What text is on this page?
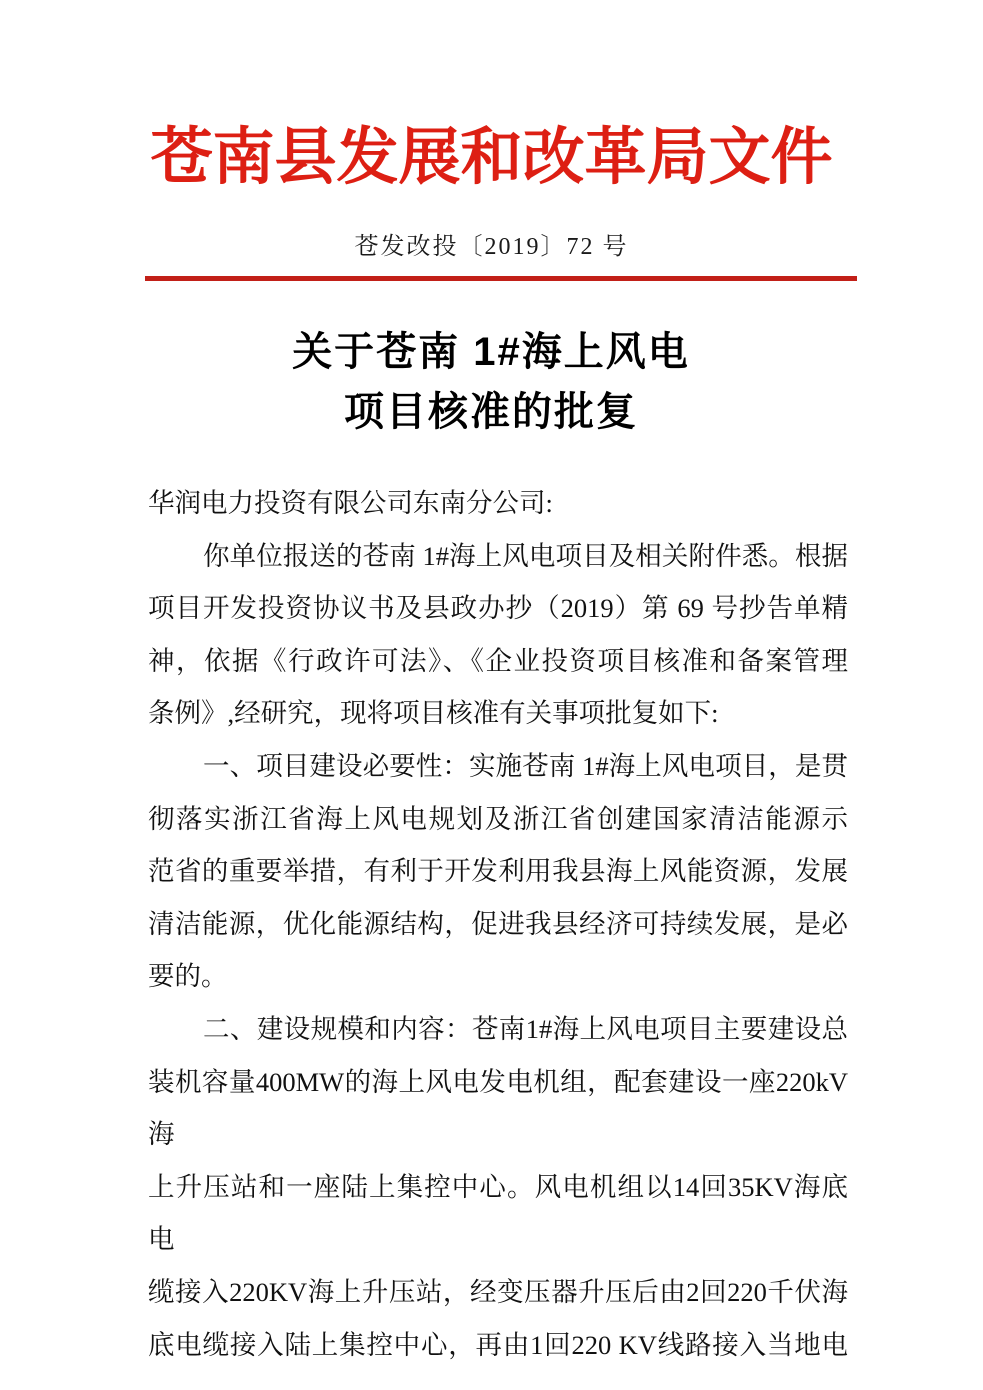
苍南县发展和改革局文件
苍发改投〔2019〕72 号
关于苍南 1#海上风电
项目核准的批复
华润电力投资有限公司东南分公司:
你单位报送的苍南 1#海上风电项目及相关附件悉。根据
项目开发投资协议书及县政办抄（2019）第 69 号抄告单精
神，依据《行政许可法》、《企业投资项目核准和备案管理
条例》,经研究，现将项目核准有关事项批复如下:
一、项目建设必要性：实施苍南 1#海上风电项目，是贯
彻落实浙江省海上风电规划及浙江省创建国家清洁能源示
范省的重要举措，有利于开发利用我县海上风能资源，发展
清洁能源，优化能源结构，促进我县经济可持续发展，是必
要的。
二、建设规模和内容：苍南1#海上风电项目主要建设总
装机容量400MW的海上风电发电机组，配套建设一座220kV海
上升压站和一座陆上集控中心。风电机组以14回35KV海底电
缆接入220KV海上升压站，经变压器升压后由2回220千伏海
底电缆接入陆上集控中心，再由1回220 KV线路接入当地电
